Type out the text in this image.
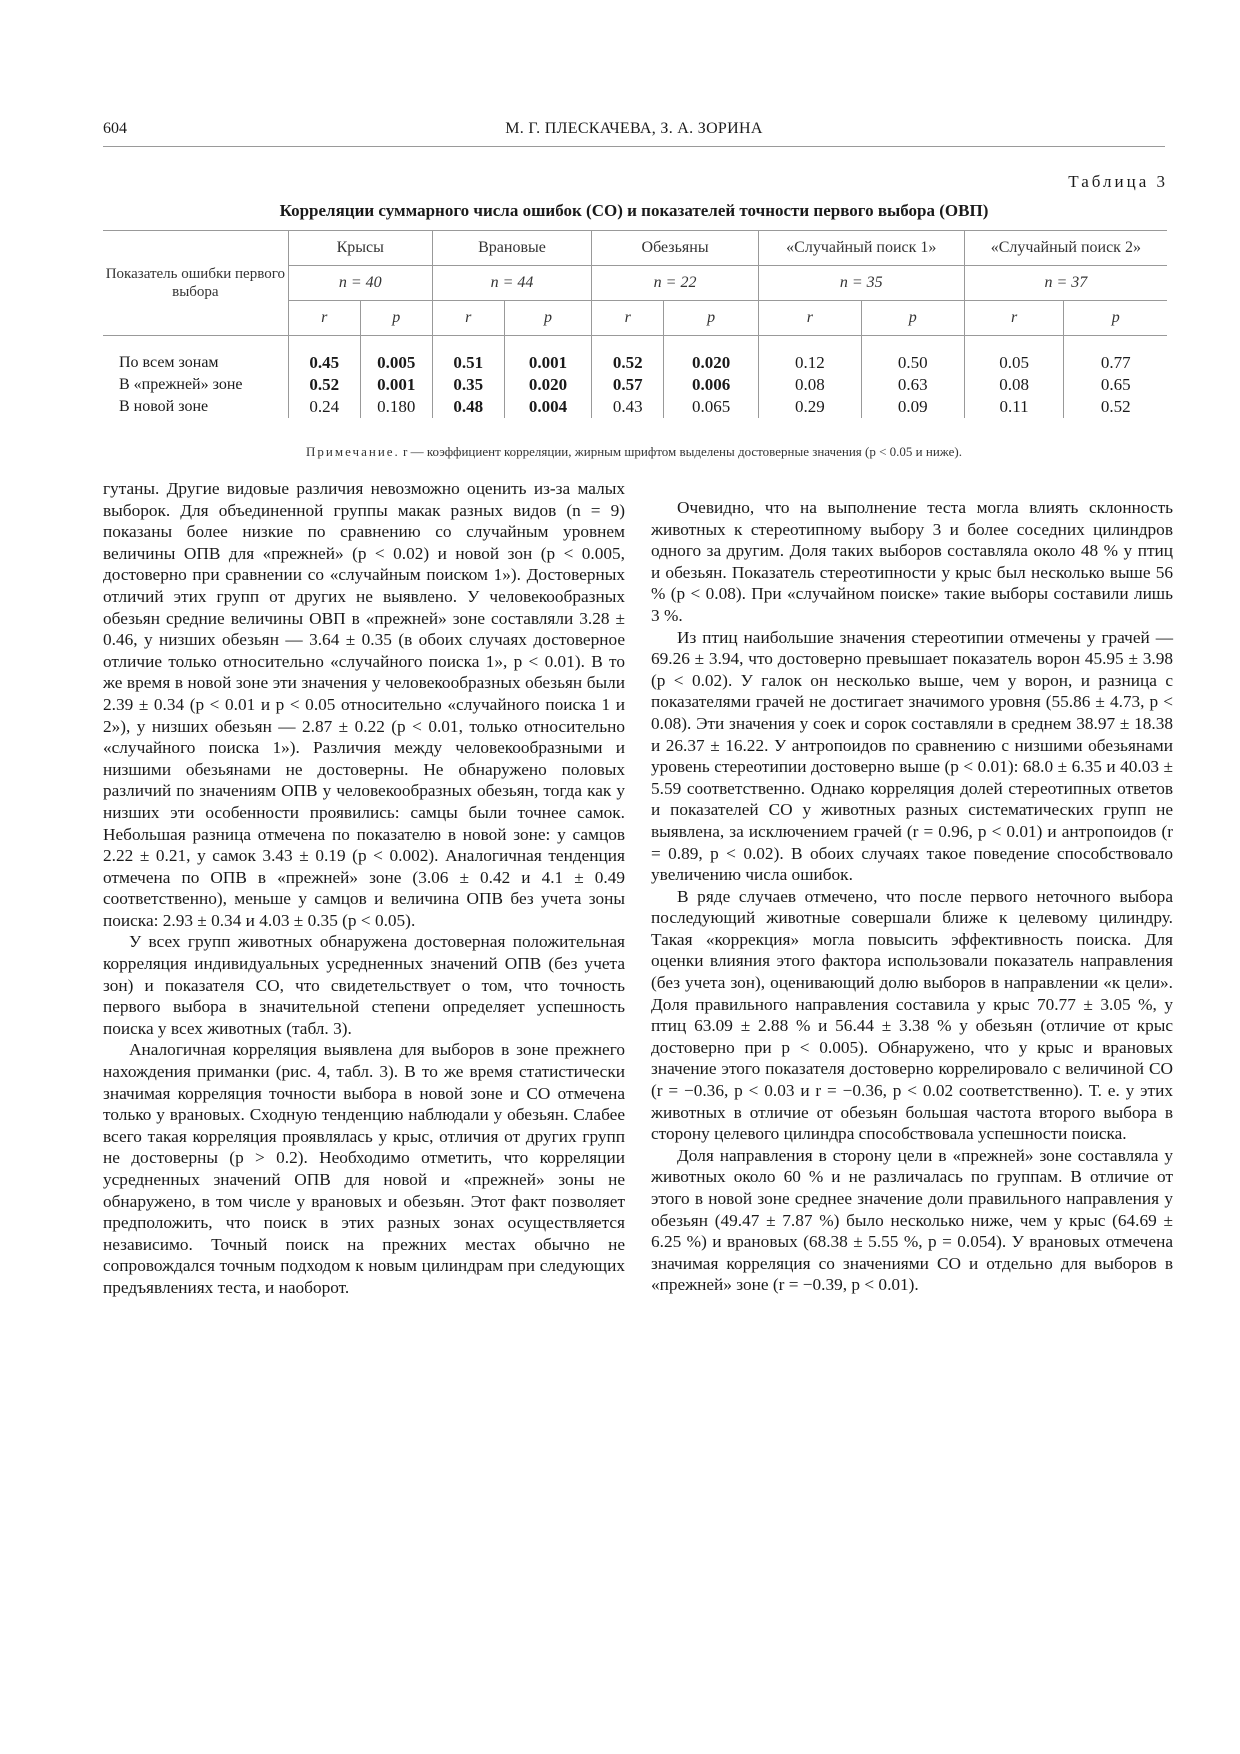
604	М. Г. ПЛЕСКАЧЕВА, З. А. ЗОРИНА
Таблица 3
Корреляции суммарного числа ошибок (СО) и показателей точности первого выбора (ОВП)
Показатель ошибки первого выбора	Крысы		Врановые		Обезьяны		«Случайный поиск 1»		«Случайный поиск 2»	
	n = 40		n = 44		n = 22		n = 35		n = 37	
	r	p	r	p	r	p	r	p	r	p

По всем зонам	0.45	0.005	0.51	0.001	0.52	0.020	0.12	0.50	0.05	0.77
В «прежней» зоне	0.52	0.001	0.35	0.020	0.57	0.006	0.08	0.63	0.08	0.65
В новой зоне	0.24	0.180	0.48	0.004	0.43	0.065	0.29	0.09	0.11	0.52
Примечание. r — коэффициент корреляции, жирным шрифтом выделены достоверные значения (p < 0.05 и ниже).

гутаны. Другие видовые различия невозможно оценить из-за малых выборок. Для объединенной группы макак разных видов (n = 9) показаны более низкие по сравнению со случайным уровнем величины ОПВ для «прежней» (p < 0.02) и новой зон (p < 0.005, достоверно при сравнении со «случайным поиском 1»). Достоверных отличий этих групп от других не выявлено. У человекообразных обезьян средние величины ОВП в «прежней» зоне составляли 3.28 ± 0.46, у низших обезьян — 3.64 ± 0.35 (в обоих случаях достоверное отличие только относительно «случайного поиска 1», p < 0.01). В то же время в новой зоне эти значения у человекообразных обезьян были 2.39 ± 0.34 (p < 0.01 и p < 0.05 относительно «случайного поиска 1 и 2»), у низших обезьян — 2.87 ± 0.22 (p < 0.01, только относительно «случайного поиска 1»). Различия между человекообразными и низшими обезьянами не достоверны. Не обнаружено половых различий по значениям ОПВ у человекообразных обезьян, тогда как у низших эти особенности проявились: самцы были точнее самок. Небольшая разница отмечена по показателю в новой зоне: у самцов 2.22 ± 0.21, у самок 3.43 ± 0.19 (p < 0.002). Аналогичная тенденция отмечена по ОПВ в «прежней» зоне (3.06 ± 0.42 и 4.1 ± 0.49 соответственно), меньше у самцов и величина ОПВ без учета зоны поиска: 2.93 ± 0.34 и 4.03 ± 0.35 (p < 0.05).

У всех групп животных обнаружена достоверная положительная корреляция индивидуальных усредненных значений ОПВ (без учета зон) и показателя СО, что свидетельствует о том, что точность первого выбора в значительной степени определяет успешность поиска у всех животных (табл. 3).

Аналогичная корреляция выявлена для выборов в зоне прежнего нахождения приманки (рис. 4, табл. 3). В то же время статистически значимая корреляция точности выбора в новой зоне и СО отмечена только у врановых. Сходную тенденцию наблюдали у обезьян. Слабее всего такая корреляция проявлялась у крыс, отличия от других групп не достоверны (p > 0.2). Необходимо отметить, что корреляции усредненных значений ОПВ для новой и «прежней» зоны не обнаружено, в том числе у врановых и обезьян. Этот факт позволяет предположить, что поиск в этих разных зонах осуществляется независимо. Точный поиск на прежних местах обычно не сопровождался точным подходом к новым цилиндрам при следующих предъявлениях теста, и наоборот.

Очевидно, что на выполнение теста могла влиять склонность животных к стереотипному выбору 3 и более соседних цилиндров одного за другим. Доля таких выборов составляла около 48 % у птиц и обезьян. Показатель стереотипности у крыс был несколько выше 56 % (p < 0.08). При «случайном поиске» такие выборы составили лишь 3 %.

Из птиц наибольшие значения стереотипии отмечены у грачей — 69.26 ± 3.94, что достоверно превышает показатель ворон 45.95 ± 3.98 (p < 0.02). У галок он несколько выше, чем у ворон, и разница с показателями грачей не достигает значимого уровня (55.86 ± 4.73, p < 0.08). Эти значения у соек и сорок составляли в среднем 38.97 ± 18.38 и 26.37 ± 16.22. У антропоидов по сравнению с низшими обезьянами уровень стереотипии достоверно выше (p < 0.01): 68.0 ± 6.35 и 40.03 ± 5.59 соответственно. Однако корреляция долей стереотипных ответов и показателей СО у животных разных систематических групп не выявлена, за исключением грачей (r = 0.96, p < 0.01) и антропоидов (r = 0.89, p < 0.02). В обоих случаях такое поведение способствовало увеличению числа ошибок.

В ряде случаев отмечено, что после первого неточного выбора последующий животные совершали ближе к целевому цилиндру. Такая «коррекция» могла повысить эффективность поиска. Для оценки влияния этого фактора использовали показатель направления (без учета зон), оценивающий долю выборов в направлении «к цели». Доля правильного направления составила у крыс 70.77 ± 3.05 %, у птиц 63.09 ± 2.88 % и 56.44 ± 3.38 % у обезьян (отличие от крыс достоверно при p < 0.005). Обнаружено, что у крыс и врановых значение этого показателя достоверно коррелировало с величиной СО (r = −0.36, p < 0.03 и r = −0.36, p < 0.02 соответственно). Т. е. у этих животных в отличие от обезьян большая частота второго выбора в сторону целевого цилиндра способствовала успешности поиска.

Доля направления в сторону цели в «прежней» зоне составляла у животных около 60 % и не различалась по группам. В отличие от этого в новой зоне среднее значение доли правильного направления у обезьян (49.47 ± 7.87 %) было несколько ниже, чем у крыс (64.69 ± 6.25 %) и врановых (68.38 ± 5.55 %, p = 0.054). У врановых отмечена значимая корреляция со значениями СО и отдельно для выборов в «прежней» зоне (r = −0.39, p < 0.01).
